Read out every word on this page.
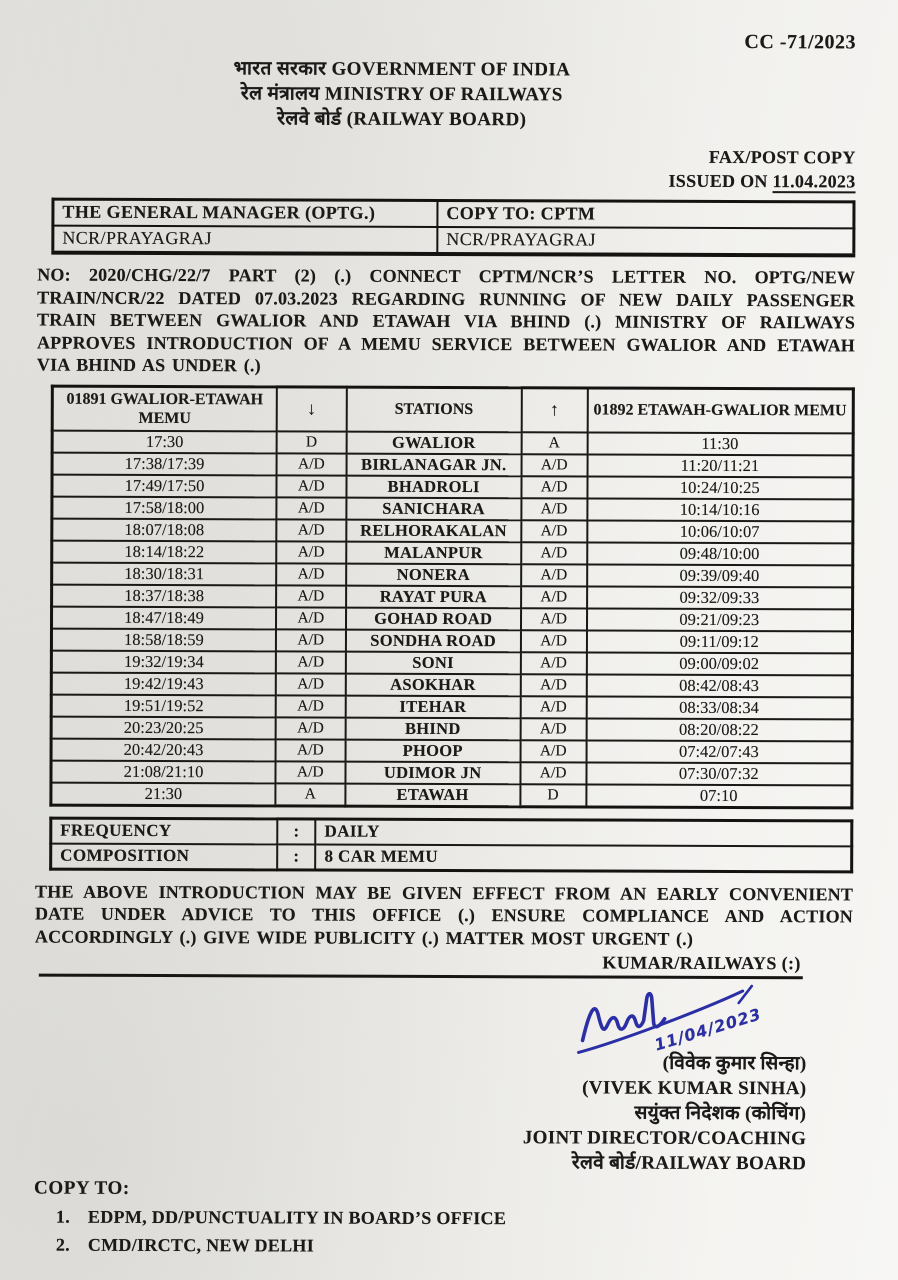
CC -71/2023
भारत सरकार GOVERNMENT OF INDIA
रेल मंत्रालय MINISTRY OF RAILWAYS
रेलवे बोर्ड (RAILWAY BOARD)
FAX/POST COPY
ISSUED ON 11.04.2023
THE GENERAL MANAGER (OPTG.)	COPY TO: CPTM
NCR/PRAYAGRAJ	NCR/PRAYAGRAJ

NO: 2020/CHG/22/7 PART (2) (.) CONNECT CPTM/NCR’S LETTER NO. OPTG/NEW TRAIN/NCR/22 DATED 07.03.2023 REGARDING RUNNING OF NEW DAILY PASSENGER TRAIN BETWEEN GWALIOR AND ETAWAH VIA BHIND (.) MINISTRY OF RAILWAYS APPROVES INTRODUCTION OF A MEMU SERVICE BETWEEN GWALIOR AND ETAWAH VIA BHIND AS UNDER (.)

01891 GWALIOR-ETAWAH MEMU	↓	STATIONS	↑	01892 ETAWAH-GWALIOR MEMU
17:30	D	GWALIOR	A	11:30
17:38/17:39	A/D	BIRLANAGAR JN.	A/D	11:20/11:21
17:49/17:50	A/D	BHADROLI	A/D	10:24/10:25
17:58/18:00	A/D	SANICHARA	A/D	10:14/10:16
18:07/18:08	A/D	RELHORAKALAN	A/D	10:06/10:07
18:14/18:22	A/D	MALANPUR	A/D	09:48/10:00
18:30/18:31	A/D	NONERA	A/D	09:39/09:40
18:37/18:38	A/D	RAYAT PURA	A/D	09:32/09:33
18:47/18:49	A/D	GOHAD ROAD	A/D	09:21/09:23
18:58/18:59	A/D	SONDHA ROAD	A/D	09:11/09:12
19:32/19:34	A/D	SONI	A/D	09:00/09:02
19:42/19:43	A/D	ASOKHAR	A/D	08:42/08:43
19:51/19:52	A/D	ITEHAR	A/D	08:33/08:34
20:23/20:25	A/D	BHIND	A/D	08:20/08:22
20:42/20:43	A/D	PHOOP	A/D	07:42/07:43
21:08/21:10	A/D	UDIMOR JN	A/D	07:30/07:32
21:30	A	ETAWAH	D	07:10
FREQUENCY	:	DAILY
COMPOSITION	:	8 CAR MEMU

THE ABOVE INTRODUCTION MAY BE GIVEN EFFECT FROM AN EARLY CONVENIENT DATE UNDER ADVICE TO THIS OFFICE (.) ENSURE COMPLIANCE AND ACTION ACCORDINGLY (.) GIVE WIDE PUBLICITY (.) MATTER MOST URGENT (.)

KUMAR/RAILWAYS (:)
11/04/2023
(विवेक कुमार सिन्हा)
(VIVEK KUMAR SINHA)
सयुंक्त निदेशक (कोचिंग)
JOINT DIRECTOR/COACHING
रेलवे बोर्ड/RAILWAY BOARD
COPY TO:
1. EDPM, DD/PUNCTUALITY IN BOARD’S OFFICE
2. CMD/IRCTC, NEW DELHI
